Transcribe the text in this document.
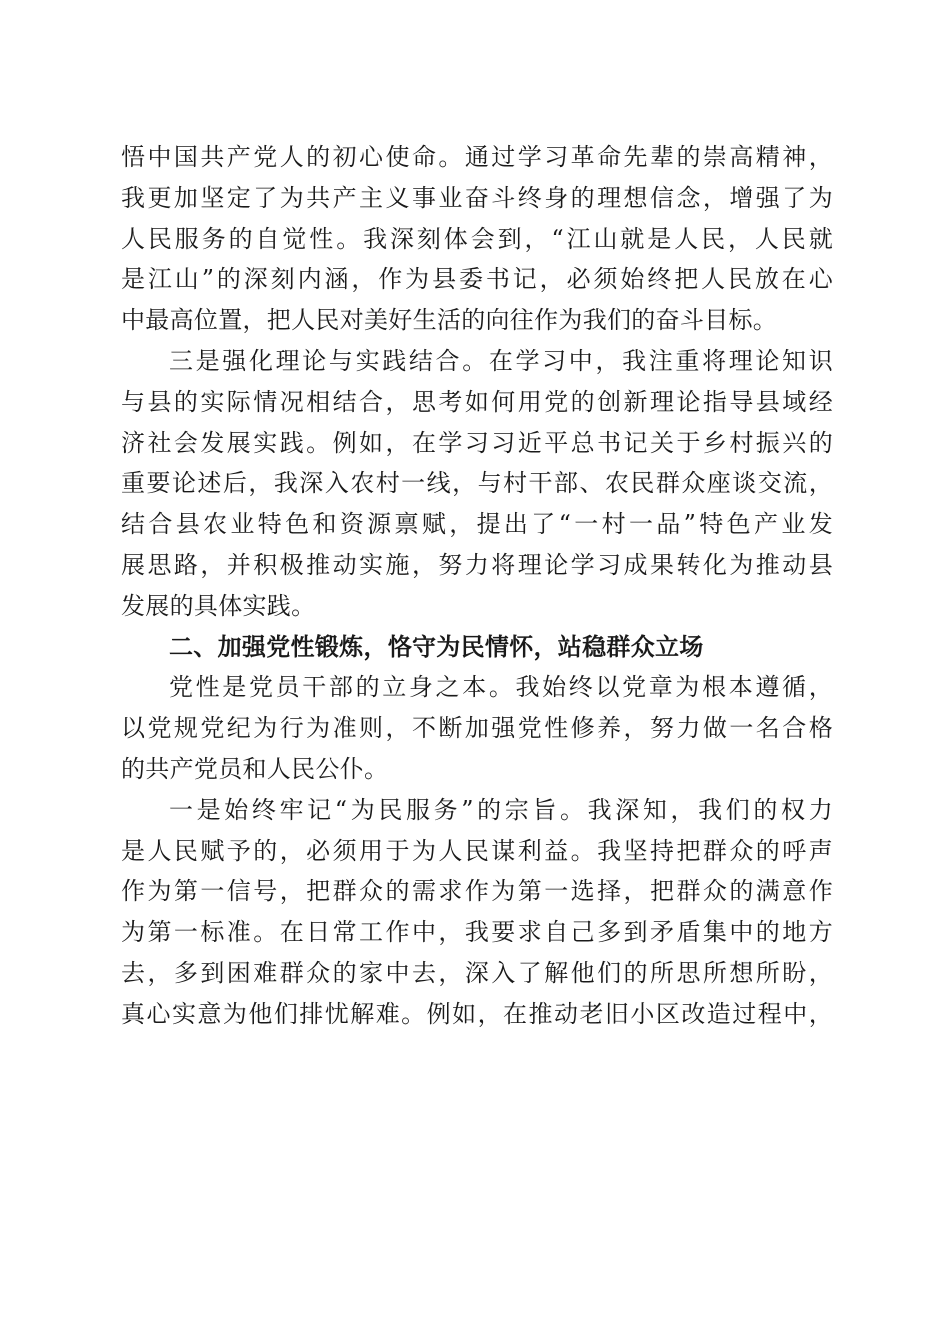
悟中国共产党人的初心使命。通过学习革命先辈的崇高精神，
我更加坚定了为共产主义事业奋斗终身的理想信念，增强了为
人民服务的自觉性。我深刻体会到，“江山就是人民，人民就
是江山”的深刻内涵，作为县委书记，必须始终把人民放在心
中最高位置，把人民对美好生活的向往作为我们的奋斗目标。
三是强化理论与实践结合。在学习中，我注重将理论知识
与县的实际情况相结合，思考如何用党的创新理论指导县域经
济社会发展实践。例如，在学习习近平总书记关于乡村振兴的
重要论述后，我深入农村一线，与村干部、农民群众座谈交流，
结合县农业特色和资源禀赋，提出了“一村一品”特色产业发
展思路，并积极推动实施，努力将理论学习成果转化为推动县
发展的具体实践。
二、加强党性锻炼，恪守为民情怀，站稳群众立场
党性是党员干部的立身之本。我始终以党章为根本遵循，
以党规党纪为行为准则，不断加强党性修养，努力做一名合格
的共产党员和人民公仆。
一是始终牢记“为民服务”的宗旨。我深知，我们的权力
是人民赋予的，必须用于为人民谋利益。我坚持把群众的呼声
作为第一信号，把群众的需求作为第一选择，把群众的满意作
为第一标准。在日常工作中，我要求自己多到矛盾集中的地方
去，多到困难群众的家中去，深入了解他们的所思所想所盼，
真心实意为他们排忧解难。例如，在推动老旧小区改造过程中，
